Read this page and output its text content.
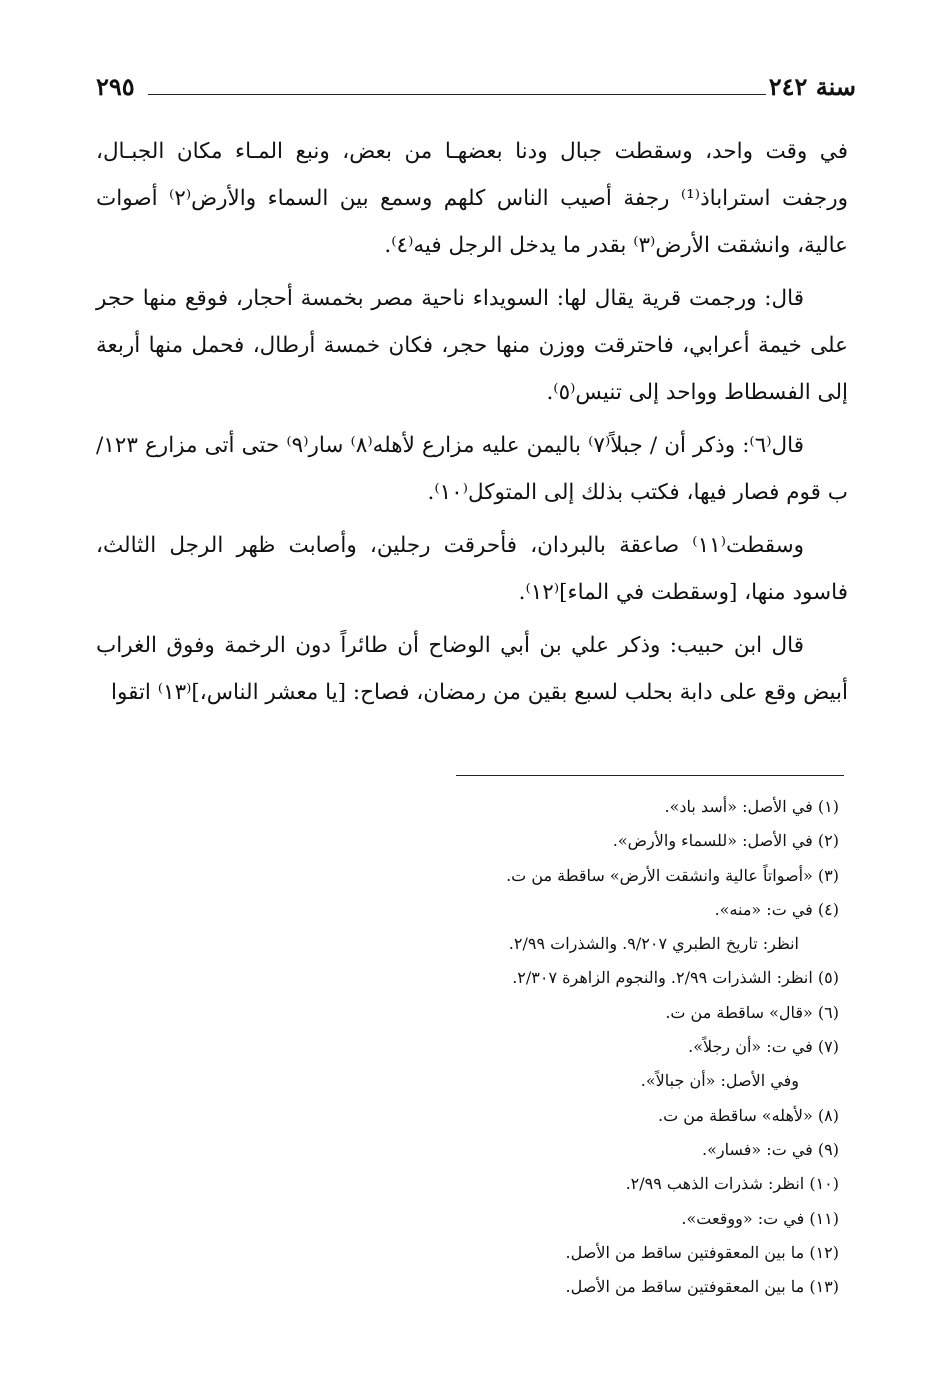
٢٩٥	سنة ٢٤٢

في وقت واحد، وسقطت جبال ودنا بعضهـا من بعض، ونبع المـاء مكان الجبـال، ورجفت استراباذ⁽¹⁾ رجفة أصيب الناس كلهم وسمع بين السماء والأرض⁽٢⁾ أصوات عالية، وانشقت الأرض⁽٣⁾ بقدر ما يدخل الرجل فيه⁽٤⁾.

قال: ورجمت قرية يقال لها: السويداء ناحية مصر بخمسة أحجار، فوقع منها حجر على خيمة أعرابي، فاحترقت ووزن منها حجر، فكان خمسة أرطال، فحمل منها أربعة إلى الفسطاط وواحد إلى تنيس⁽٥⁾.

قال⁽٦⁾: وذكر أن / جبلاً⁽٧⁾ باليمن عليه مزارع لأهله⁽٨⁾ سار⁽٩⁾ حتى أتى مزارع ١٢٣/ب قوم فصار فيها، فكتب بذلك إلى المتوكل⁽١٠⁾.

وسقطت⁽١١⁾ صاعقة بالبردان، فأحرقت رجلين، وأصابت ظهر الرجل الثالث، فاسود منها، [وسقطت في الماء]⁽١٢⁾.

قال ابن حبيب: وذكر علي بن أبي الوضاح أن طائراً دون الرخمة وفوق الغراب أبيض وقع على دابة بحلب لسبع بقين من رمضان، فصاح: [يا معشر الناس،]⁽١٣⁾ اتقوا

(١) في الأصل: «أسد باد».
(٢) في الأصل: «للسماء والأرض».
(٣) «أصواتاً عالية وانشقت الأرض» ساقطة من ت.
(٤) في ت: «منه».
انظر: تاريخ الطبري ٩/٢٠٧. والشذرات ٢/٩٩.
(٥) انظر: الشذرات ٢/٩٩. والنجوم الزاهرة ٢/٣٠٧.
(٦) «قال» ساقطة من ت.
(٧) في ت: «أن رجلاً».
وفي الأصل: «أن جبالاً».
(٨) «لأهله» ساقطة من ت.
(٩) في ت: «فسار».
(١٠) انظر: شذرات الذهب ٢/٩٩.
(١١) في ت: «ووقعت».
(١٢) ما بين المعقوفتين ساقط من الأصل.
(١٣) ما بين المعقوفتين ساقط من الأصل.
